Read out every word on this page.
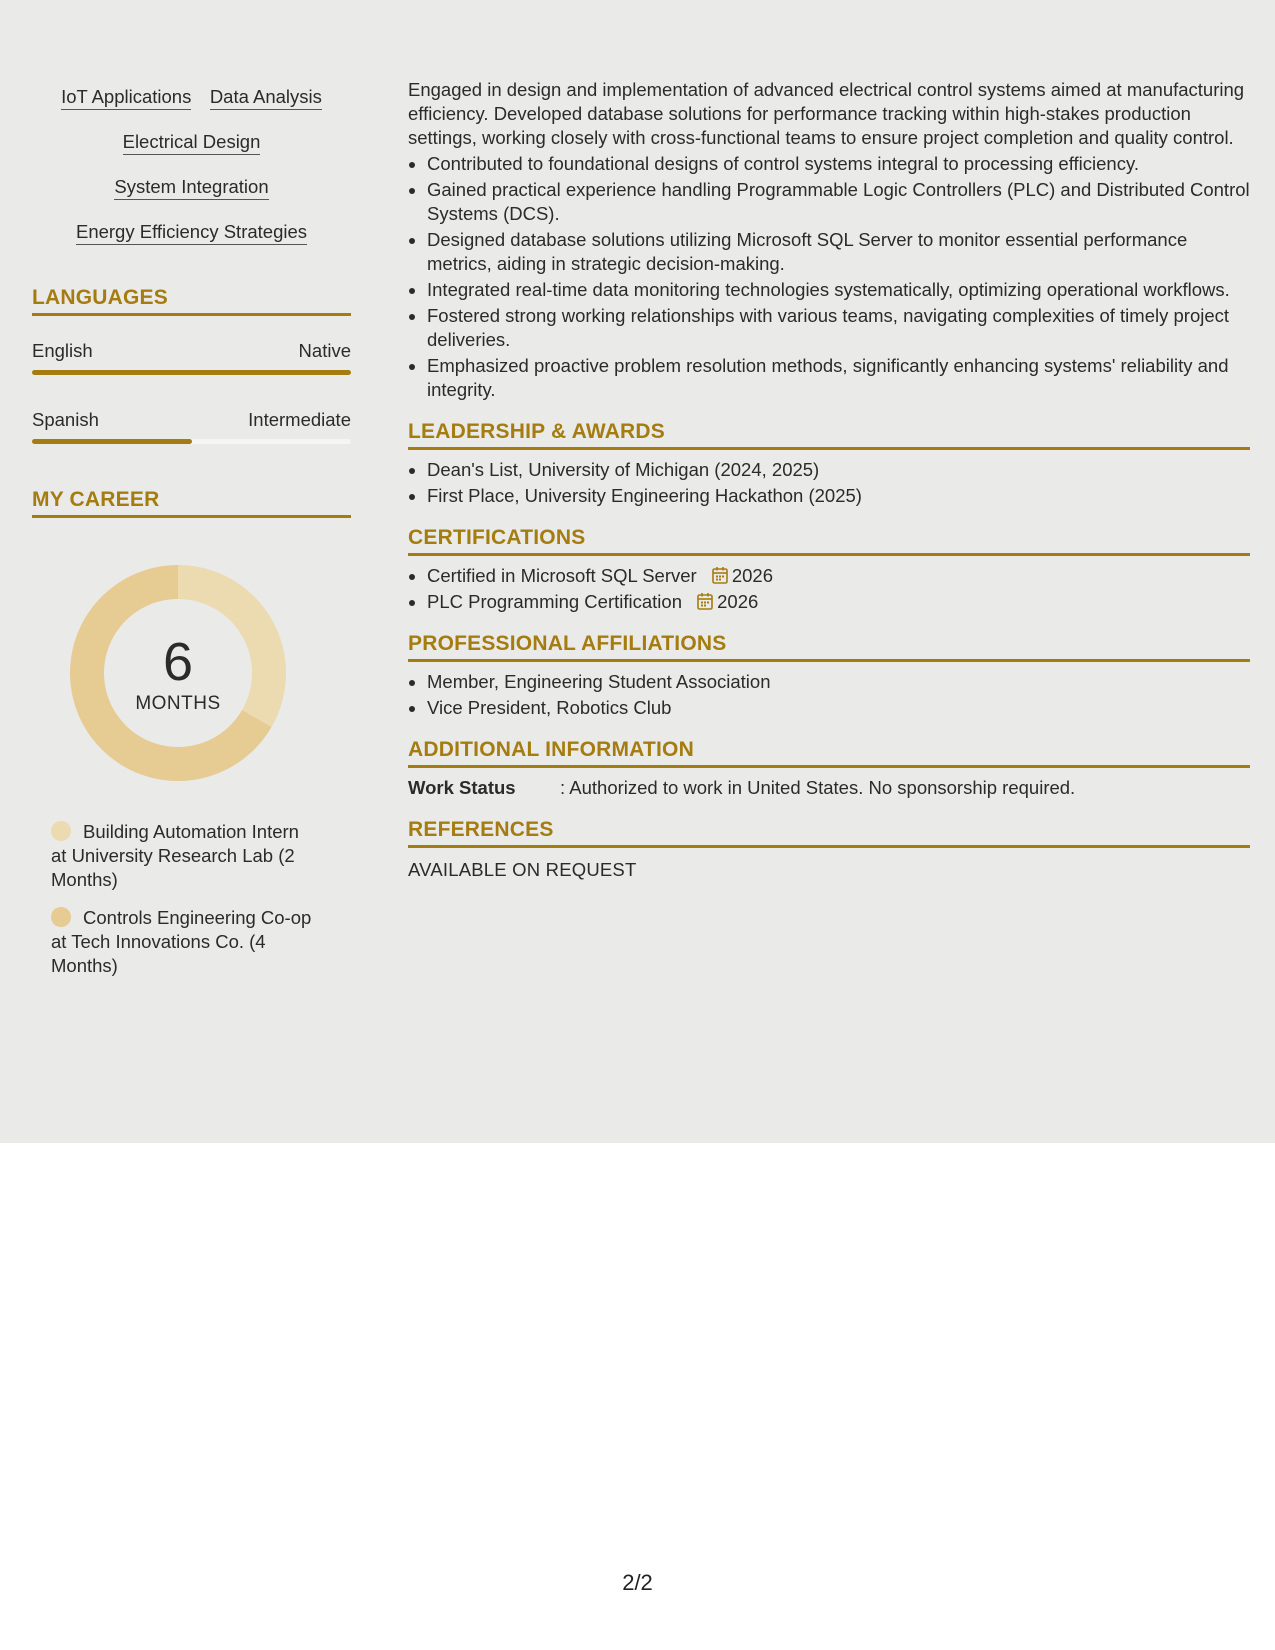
IoT Applications Data Analysis
Electrical Design
System Integration
Energy Efficiency Strategies
LANGUAGES
English	Native
Spanish	Intermediate
MY CAREER
6
MONTHS
Building Automation Intern at University Research Lab (2 Months)
Controls Engineering Co-op at Tech Innovations Co. (4 Months)

Engaged in design and implementation of advanced electrical control systems aimed at manufacturing efficiency. Developed database solutions for performance tracking within high-stakes production settings, working closely with cross-functional teams to ensure project completion and quality control.

• Contributed to foundational designs of control systems integral to processing efficiency.
• Gained practical experience handling Programmable Logic Controllers (PLC) and Distributed Control Systems (DCS).
• Designed database solutions utilizing Microsoft SQL Server to monitor essential performance metrics, aiding in strategic decision-making.
• Integrated real-time data monitoring technologies systematically, optimizing operational workflows.
• Fostered strong working relationships with various teams, navigating complexities of timely project deliveries.
• Emphasized proactive problem resolution methods, significantly enhancing systems' reliability and integrity.
LEADERSHIP & AWARDS
• Dean's List, University of Michigan (2024, 2025)
• First Place, University Engineering Hackathon (2025)
CERTIFICATIONS
• Certified in Microsoft SQL Server 2026
• PLC Programming Certification 2026
PROFESSIONAL AFFILIATIONS
• Member, Engineering Student Association
• Vice President, Robotics Club
ADDITIONAL INFORMATION
Work Status	: Authorized to work in United States. No sponsorship required.
REFERENCES
AVAILABLE ON REQUEST
2/2
